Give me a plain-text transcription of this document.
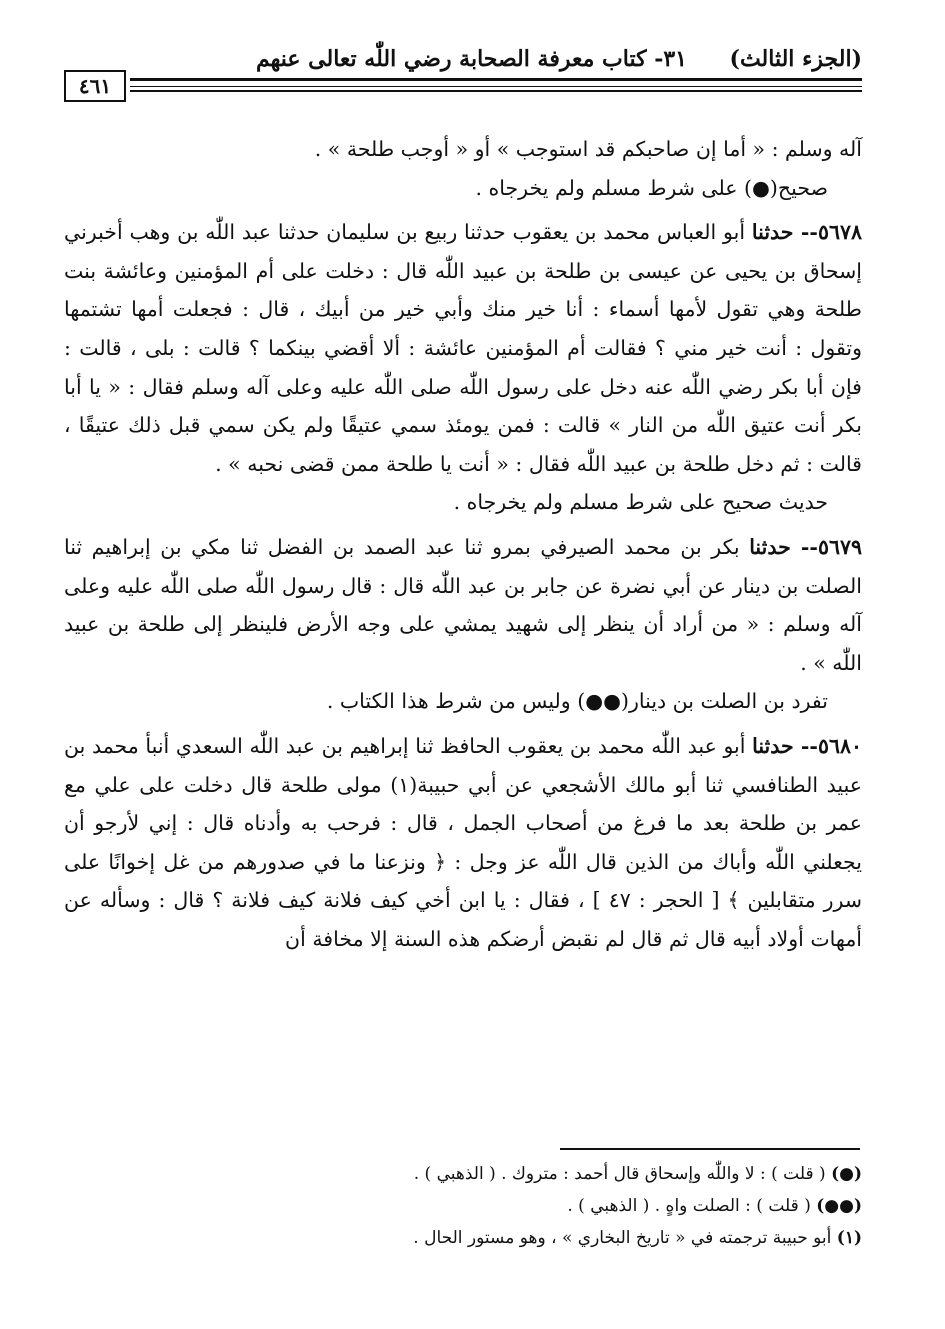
(الجزء الثالث)
٣١- كتاب معرفة الصحابة رضي اللّٰه تعالى عنهم
٤٦١

آله وسلم : « أما إن صاحبكم قد استوجب » أو « أوجب طلحة » .

صحيح(●) على شرط مسلم ولم يخرجاه .

٥٦٧٨-- حدثنا أبو العباس محمد بن يعقوب حدثنا ربيع بن سليمان حدثنا عبد اللّٰه بن وهب أخبرني إسحاق بن يحيى عن عيسى بن طلحة بن عبيد اللّٰه قال : دخلت على أم المؤمنين وعائشة بنت طلحة وهي تقول لأمها أسماء : أنا خير منك وأبي خير من أبيك ، قال : فجعلت أمها تشتمها وتقول : أنت خير مني ؟ فقالت أم المؤمنين عائشة : ألا أقضي بينكما ؟ قالت : بلى ، قالت : فإن أبا بكر رضي اللّٰه عنه دخل على رسول اللّٰه صلى اللّٰه عليه وعلى آله وسلم فقال : « يا أبا بكر أنت عتيق اللّٰه من النار » قالت : فمن يومئذ سمي عتيقًا ولم يكن سمي قبل ذلك عتيقًا ، قالت : ثم دخل طلحة بن عبيد اللّٰه فقال : « أنت يا طلحة ممن قضى نحبه » .

حديث صحيح على شرط مسلم ولم يخرجاه .

٥٦٧٩-- حدثنا بكر بن محمد الصيرفي بمرو ثنا عبد الصمد بن الفضل ثنا مكي بن إبراهيم ثنا الصلت بن دينار عن أبي نضرة عن جابر بن عبد اللّٰه قال : قال رسول اللّٰه صلى اللّٰه عليه وعلى آله وسلم : « من أراد أن ينظر إلى شهيد يمشي على وجه الأرض فلينظر إلى طلحة بن عبيد اللّٰه » .

تفرد بن الصلت بن دينار(●●) وليس من شرط هذا الكتاب .

٥٦٨٠-- حدثنا أبو عبد اللّٰه محمد بن يعقوب الحافظ ثنا إبراهيم بن عبد اللّٰه السعدي أنبأ محمد بن عبيد الطنافسي ثنا أبو مالك الأشجعي عن أبي حبيبة(١) مولى طلحة قال دخلت على علي مع عمر بن طلحة بعد ما فرغ من أصحاب الجمل ، قال : فرحب به وأدناه قال : إني لأرجو أن يجعلني اللّٰه وأباك من الذين قال اللّٰه عز وجل : ﴿ ونزعنا ما في صدورهم من غل إخوانًا على سرر متقابلين ﴾ [ الحجر : ٤٧ ] ، فقال : يا ابن أخي كيف فلانة كيف فلانة ؟ قال : وسأله عن أمهات أولاد أبيه قال ثم قال لم نقبض أرضكم هذه السنة إلا مخافة أن

(●) ( قلت ) : لا واللّٰه وإسحاق قال أحمد : متروك . ( الذهبي ) .

(●●) ( قلت ) : الصلت واهٍ . ( الذهبي ) .

(١) أبو حبيبة ترجمته في « تاريخ البخاري » ، وهو مستور الحال .
